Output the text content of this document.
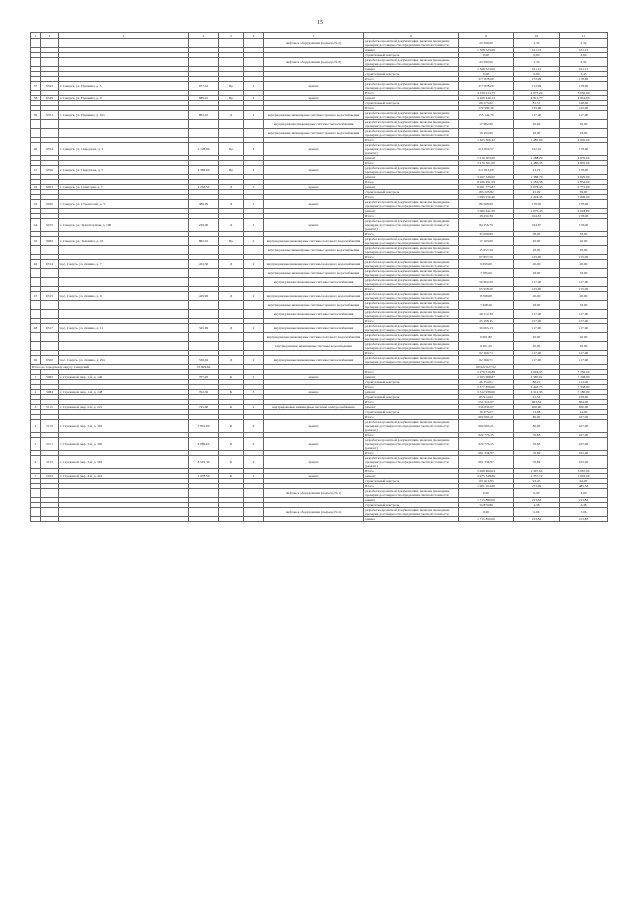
15
1	2	3	4	5	6	7	8	9	10	11
						лифтовое оборудование (подъезд № 5)	разработка проектной документации, включая проведение проверки достоверности определения сметной стоимости	24 560,00	2,32	2,32
							замена	1 308 523,00	161,15	161,15
							строительный контроль	0,00	0,00	3,64
						лифтовое оборудование (подъезд № 6)	разработка проектной документации, включая проведение проверки достоверности определения сметной стоимости	24 560,00	2,32	2,32
							замена	1 308 523,00	161,15	161,15
							строительный контроль	0,00	0,00	3,45
							Итого	377 878,00	172,99	178,00
37	6323	г. Северск, ул. Пушкина, д. 5	877,10	Пр	2	крыша	разработка проектной документации, включая проведение проверки достоверности определения сметной стоимости	377 878,00	172,99	178,00
							Итого	4 359 014,75	4 977,29	5 050,00
38	6349	г. Северск, ул. Пушкина, д. 9	889,10	Пр	2	крыша	ремонт	4 209 440,13	4 815,77	4 816,00
							строительный контроль	68 573,62	81,51	148,00
							Итого	179 390,30	135,00	145,00
39	6351	г. Северск, ул. Пушкина, д. 10а	893,10	Д	2	внутридомовые инженерные системы горячего водоснабжения	разработка проектной документации, включая проведение проверки достоверности определения сметной стоимости	155 144,70	117,00	117,00
						внутридомовые инженерные системы теплоснабжения	разработка проектной документации, включая проведение проверки достоверности определения сметной стоимости	17 982,90	20,00	20,00
						внутридомовые инженерные системы горячего водоснабжения	разработка проектной документации, включая проведение проверки достоверности определения сметной стоимости	16 193,90	18,00	18,00
							Итого	1 463 306,32	1 485,80	4 905,00
40	6354	г. Северск, ул. Свердлова, д. 3	2 128,00	Пр	4	крыша	разработка проектной документации, включая проведение проверки достоверности определения сметной стоимости (ремонт)	214 810,57	162,10	178,00
							ремонт	1 210 303,00	1 188,20	4 635,00
							Итого	3 479 361,00	1 480,45	4 805,00
41	6356	г. Северск, ул. Свердлова, д. 5	2 369,00	Пр	4	крыша	разработка проектной документации, включая проведение проверки достоверности определения сметной стоимости	211 813,00	91,79	178,00
							ремонт	3 267 548,00	1 388,70	4 629,00
							Итого	8 260 491,59	2 183,38	2 834,00
42	6403	г. Северск, ул. Советская, д. 7	4 263,52	Д	5	крыша	ремонт	8 061 773,87	2 076,43	2 772,00
							строительный контроль	183 225,82	45,09	59,00
							Итого	1 993 150,40	2 293,45	7 696,00
43	6420	г. Северск, ул. Строителей, д. 3	486,09	Д	2	крыша	разработка проектной документации, включая проведение проверки достоверности определения сметной стоимости	86 568,90	178,00	178,00
							ремонт	1 906 641,50	2 075,45	6 918,00
							Итого	18 450,39	164,67	178,00
44	6475	г. Северск, ул. Транспортная, д. 100	229,00	Д	2	крыша	разработка проектной документации, включая проведение проверки достоверности определения сметной стоимости (ремонт)	84 256,79	164,67	178,00
							Итого	33 099,80	58,00	58,00
45	6483	г. Северск, ул. Тельмана, д. 16	882,10	Пр	2	внутридомовые инженерные системы холодного водоснабжения	разработка проектной документации, включая проведение проверки достоверности определения сметной стоимости	17 163,90	20,00	20,00
						внутридомовые инженерные системы горячего водоснабжения	разработка проектной документации, включая проведение проверки достоверности определения сметной стоимости	15 657,50	18,00	18,00
							Итого	67 857,50	155,00	155,00
46	6514	пос. Самусь, ул. Ленина, д. 7	432,50	Д	2	внутридомовые инженерные системы холодного водоснабжения	разработка проектной документации, включая проведение проверки достоверности определения сметной стоимости	9 650,00	20,00	20,00
						внутридомовые инженерные системы горячего водоснабжения	разработка проектной документации, включая проведение проверки достоверности определения сметной стоимости	7 785,00	18,00	18,00
						внутридомовые инженерные системы теплоснабжения	разработка проектной документации, включая проведение проверки достоверности определения сметной стоимости	50 602,50	117,00	117,00
							Итого	65 958,50	155,00	155,00
47	6515	пос. Самусь, ул. Ленина, д. 9	429,90	Д	2	внутридомовые инженерные системы холодного водоснабжения	разработка проектной документации, включая проведение проверки достоверности определения сметной стоимости	8 598,00	20,00	20,00
						внутридомовые инженерные системы горячего водоснабжения	разработка проектной документации, включая проведение проверки достоверности определения сметной стоимости	7 648,20	18,00	18,00
						внутридомовые инженерные системы теплоснабжения	разработка проектной документации, включая проведение проверки достоверности определения сметной стоимости	49 712,30	117,00	117,00
							Итого	43 168,45	157,00	157,00
48	6517	пос. Самусь, ул. Ленина, д. 11	345,09	Д	2	внутридомовые инженерные системы теплоснабжения	разработка проектной документации, включая проведение проверки достоверности определения сметной стоимости	36 065,13	117,00	117,00
						внутридомовые инженерные системы холодного водоснабжения	разработка проектной документации, включая проведение проверки достоверности определения сметной стоимости	6 901,80	20,00	20,00
						внутридомовые инженерные системы водоотведения	разработка проектной документации, включая проведение проверки достоверности определения сметной стоимости	6 201,50	20,00	20,00
							Итого	62 269,71	117,00	117,00
49	6520	пос. Самусь, ул. Ленина, д. 20а	536,62	Д	2	внутридомовые инженерные системы теплоснабжения	разработка проектной документации, включая проведение проверки достоверности определения сметной стоимости	62 369,71	117,00	117,00
Итого по городскому округу Северский			72 609,60					60 922 627,52		
							Итого	2 279 319,88	4 602,45	7 336,00
1	5082	г. Стрежевой, мкр. 1-й, д. 146	767,20	К	2	крыша	ремонт	2 263 068,87	4 585,91	7 108,00
							строительный контроль	46 254,01	86,21	114,00
							Итого	3 377 856,00	4 402,75	7 338,00
2	5084	г. Стрежевой, мкр. 1-й, д. 148	762,30	К	5	крыша	ремонт	3 312 938,00	4 312,36	7 180,00
							строительный контроль	65 914,92	91,34	158,00
							Итого	554 310,67	663,54	664,00
3	5115	г. Стрежевой, мкр. 2-й, д. 221	745,60	К	2	внутридомовые инженерные системы электроснабжения	ремонт	534 835,07	650,00	650,00
							строительный контроль	19 475,67	13,98	14,00
							Итого	609 963,21	80,00	167,00
4	5170	г. Стрежевой, мкр. 3-й, д. 302	7 861,60	К	9	крыша	разработка проектной документации, включая проведение проверки достоверности определения сметной стоимости (ремонт)	609 963,21	80,00	167,00
							Итого	620 776,25	76,83	167,00
5	5151	г. Стрежевой, мкр. 3-й, д. 305	8 089,65	К	9	крыша	разработка проектной документации, включая проведение проверки достоверности определения сметной стоимости (ремонт)	620 776,25	76,83	167,00
							Итого	661 334,97	76,89	165,00
6	5153	г. Стрежевой, мкр. 3-й, д. 393	8 595,30	К	9	крыша	разработка проектной документации, включая проведение проверки достоверности определения сметной стоимости (ремонт)	661 334,97	76,89	165,00
							Итого	5 069 960,63	1 397,04	3 067,00
7	5163	г. Стрежевой, мкр. 4-й, д. 419	2 678,50	К	5	крыша	ремонт	4 975 348,80	1 357,72	3 003,00
							строительный контроль	101 611,83	93,45	64,00
							Итого	1 901 104,60	273,69	485,56
						лифтовое оборудование (подъезд № 1)	разработка проектной документации, включая проведение проверки достоверности определения сметной стоимости	0,00	0,00	3,09
							замена	1 713 880,00	213,84	213,84
							строительный контроль	34 870,80	4,38	4,38
						лифтовое оборудование (подъезд № 2)	разработка проектной документации, включая проведение проверки достоверности определения сметной стоимости	0,00	0,00	3,06
							замена	1 713 850,00	213,84	213,85
